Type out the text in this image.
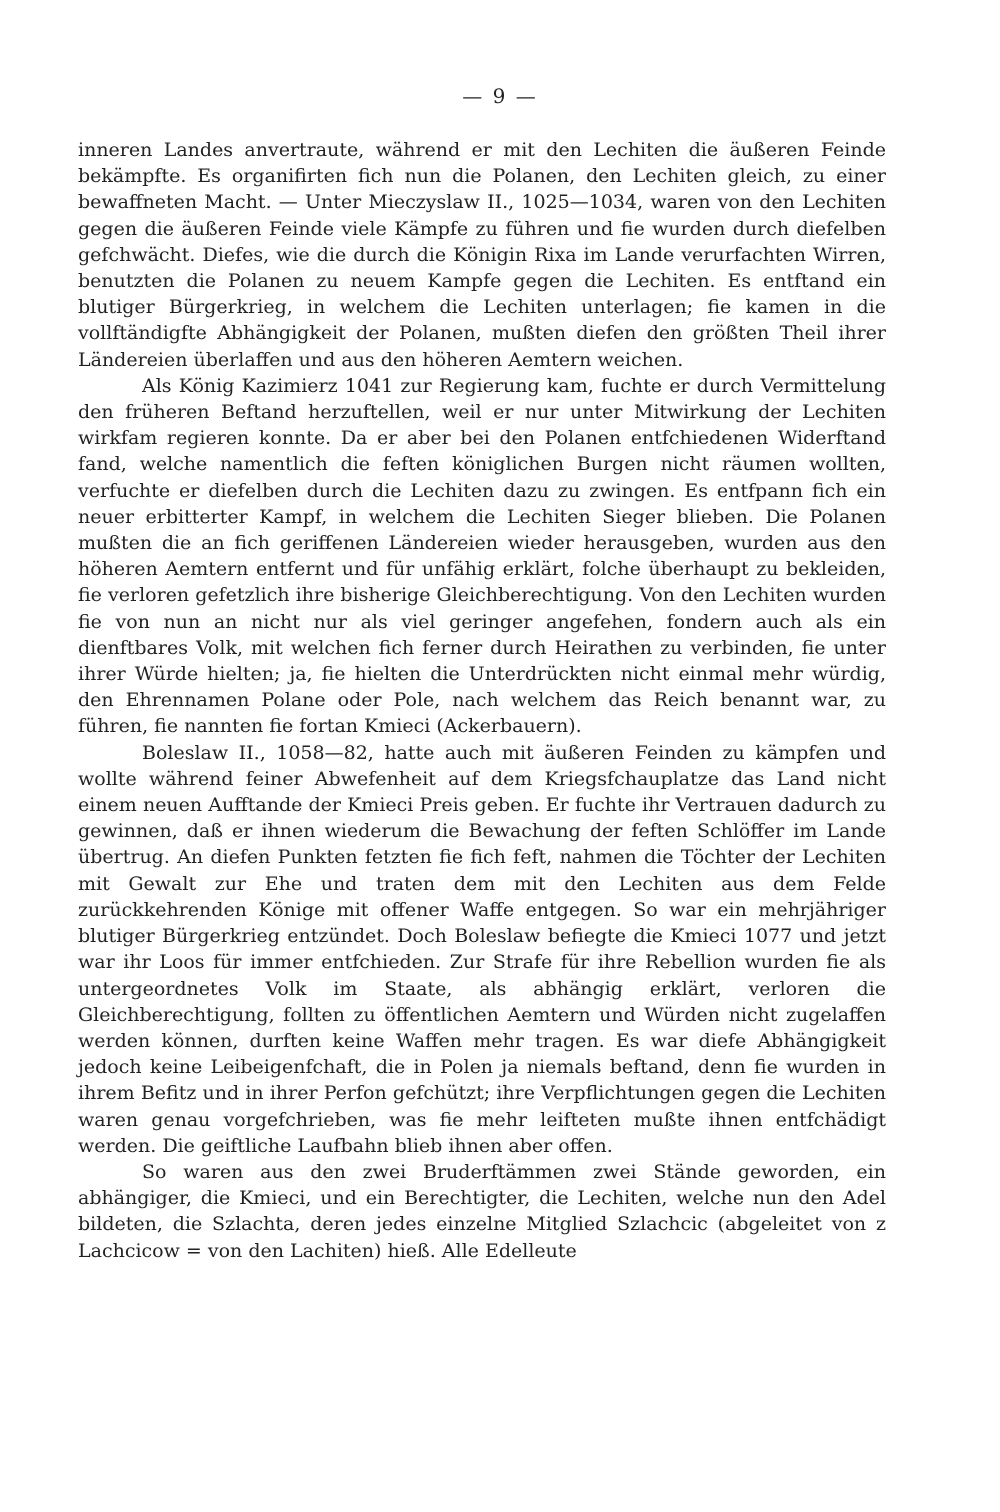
— 9 —

inneren Landes anvertraute, während er mit den Lechiten die äußeren Feinde bekämpfte. Es organifirten fich nun die Polanen, den Lechiten gleich, zu einer bewaffneten Macht. — Unter Mieczyslaw II., 1025—1034, waren von den Lechiten gegen die äußeren Feinde viele Kämpfe zu führen und fie wurden durch diefelben gefchwächt. Diefes, wie die durch die Königin Rixa im Lande verurfachten Wirren, benutzten die Polanen zu neuem Kampfe gegen die Lechiten. Es entftand ein blutiger Bürgerkrieg, in welchem die Lechiten unterlagen; fie kamen in die vollftändigfte Abhängigkeit der Polanen, mußten diefen den größten Theil ihrer Ländereien überlaffen und aus den höheren Aemtern weichen.

Als König Kazimierz 1041 zur Regierung kam, fuchte er durch Vermittelung den früheren Beftand herzuftellen, weil er nur unter Mitwirkung der Lechiten wirkfam regieren konnte. Da er aber bei den Polanen entfchiedenen Widerftand fand, welche namentlich die feften königlichen Burgen nicht räumen wollten, verfuchte er diefelben durch die Lechiten dazu zu zwingen. Es entfpann fich ein neuer erbitterter Kampf, in welchem die Lechiten Sieger blieben. Die Polanen mußten die an fich geriffenen Ländereien wieder herausgeben, wurden aus den höheren Aemtern entfernt und für unfähig erklärt, folche überhaupt zu bekleiden, fie verloren gefetzlich ihre bisherige Gleichberechtigung. Von den Lechiten wurden fie von nun an nicht nur als viel geringer angefehen, fondern auch als ein dienftbares Volk, mit welchen fich ferner durch Heirathen zu verbinden, fie unter ihrer Würde hielten; ja, fie hielten die Unterdrückten nicht einmal mehr würdig, den Ehrennamen Polane oder Pole, nach welchem das Reich benannt war, zu führen, fie nannten fie fortan Kmieci (Ackerbauern).

Boleslaw II., 1058—82, hatte auch mit äußeren Feinden zu kämpfen und wollte während feiner Abwefenheit auf dem Kriegsfchauplatze das Land nicht einem neuen Aufftande der Kmieci Preis geben. Er fuchte ihr Vertrauen dadurch zu gewinnen, daß er ihnen wiederum die Bewachung der feften Schlöffer im Lande übertrug. An diefen Punkten fetzten fie fich feft, nahmen die Töchter der Lechiten mit Gewalt zur Ehe und traten dem mit den Lechiten aus dem Felde zurückkehrenden Könige mit offener Waffe entgegen. So war ein mehrjähriger blutiger Bürgerkrieg entzündet. Doch Boleslaw befiegte die Kmieci 1077 und jetzt war ihr Loos für immer entfchieden. Zur Strafe für ihre Rebellion wurden fie als untergeordnetes Volk im Staate, als abhängig erklärt, verloren die Gleichberechtigung, follten zu öffentlichen Aemtern und Würden nicht zugelaffen werden können, durften keine Waffen mehr tragen. Es war diefe Abhängigkeit jedoch keine Leibeigenfchaft, die in Polen ja niemals beftand, denn fie wurden in ihrem Befitz und in ihrer Perfon gefchützt; ihre Verpflichtungen gegen die Lechiten waren genau vorgefchrieben, was fie mehr leifteten mußte ihnen entfchädigt werden. Die geiftliche Laufbahn blieb ihnen aber offen.

So waren aus den zwei Bruderftämmen zwei Stände geworden, ein abhängiger, die Kmieci, und ein Berechtigter, die Lechiten, welche nun den Adel bildeten, die Szlachta, deren jedes einzelne Mitglied Szlachcic (abgeleitet von z Lachcicow = von den Lachiten) hieß. Alle Edelleute
